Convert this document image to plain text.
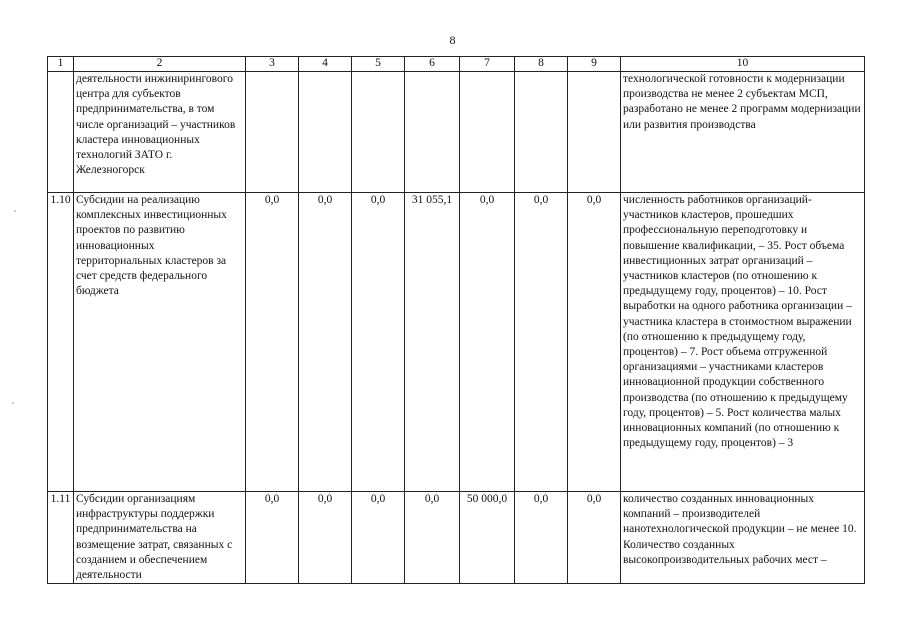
8
1	2	3	4	5	6	7	8	9	10
	деятельности инжинирингового центра для субъектов предпринимательства, в том числе организаций – участников кластера инновационных технологий ЗАТО г. Железногорск								технологической готовности к модернизации производства не менее 2 субъектам МСП, разработано не менее 2 программ модернизации или развития производства
1.10	Субсидии на реализацию комплексных инвестиционных проектов по развитию инновационных территориальных кластеров за счет средств федерального бюджета	0,0	0,0	0,0	31 055,1	0,0	0,0	0,0	численность работников организаций-участников кластеров, прошедших профессиональную переподготовку и повышение квалификации, – 35. Рост объема инвестиционных затрат организаций – участников кластеров (по отношению к предыдущему году, процентов) – 10. Рост выработки на одного работника организации – участника кластера в стоимостном выражении (по отношению к предыдущему году, процентов) – 7. Рост объема отгруженной организациями – участниками кластеров инновационной продукции собственного производства (по отношению к предыдущему году, процентов) – 5. Рост количества малых инновационных компаний (по отношению к предыдущему году, процентов) – 3
1.11	Субсидии организациям инфраструктуры поддержки предпринимательства на возмещение затрат, связанных с созданием и обеспечением деятельности	0,0	0,0	0,0	0,0	50 000,0	0,0	0,0	количество созданных инновационных компаний – производителей нанотехнологической продукции – не менее 10. Количество созданных высокопроизводительных рабочих мест –
